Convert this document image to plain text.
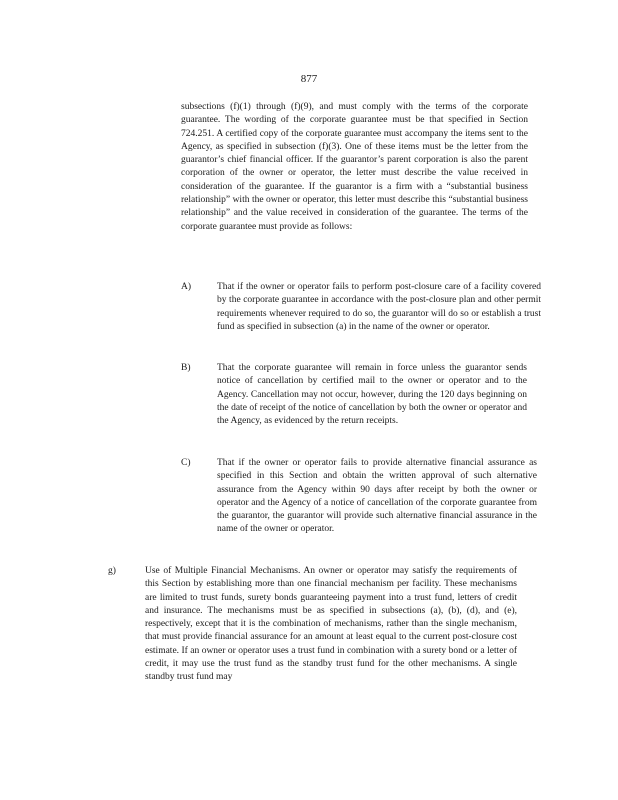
877

subsections (f)(1) through (f)(9), and must comply with the terms of the corporate guarantee. The wording of the corporate guarantee must be that specified in Section 724.251. A certified copy of the corporate guarantee must accompany the items sent to the Agency, as specified in subsection (f)(3). One of these items must be the letter from the guarantor’s chief financial officer. If the guarantor’s parent corporation is also the parent corporation of the owner or operator, the letter must describe the value received in consideration of the guarantee. If the guarantor is a firm with a “substantial business relationship” with the owner or operator, this letter must describe this “substantial business relationship” and the value received in consideration of the guarantee. The terms of the corporate guarantee must provide as follows:

A)	That if the owner or operator fails to perform post-closure care of a facility covered by the corporate guarantee in accordance with the post-closure plan and other permit requirements whenever required to do so, the guarantor will do so or establish a trust fund as specified in subsection (a) in the name of the owner or operator.

B)	That the corporate guarantee will remain in force unless the guarantor sends notice of cancellation by certified mail to the owner or operator and to the Agency. Cancellation may not occur, however, during the 120 days beginning on the date of receipt of the notice of cancellation by both the owner or operator and the Agency, as evidenced by the return receipts.

C)	That if the owner or operator fails to provide alternative financial assurance as specified in this Section and obtain the written approval of such alternative assurance from the Agency within 90 days after receipt by both the owner or operator and the Agency of a notice of cancellation of the corporate guarantee from the guarantor, the guarantor will provide such alternative financial assurance in the name of the owner or operator.

g)	Use of Multiple Financial Mechanisms. An owner or operator may satisfy the requirements of this Section by establishing more than one financial mechanism per facility. These mechanisms are limited to trust funds, surety bonds guaranteeing payment into a trust fund, letters of credit and insurance. The mechanisms must be as specified in subsections (a), (b), (d), and (e), respectively, except that it is the combination of mechanisms, rather than the single mechanism, that must provide financial assurance for an amount at least equal to the current post-closure cost estimate. If an owner or operator uses a trust fund in combination with a surety bond or a letter of credit, it may use the trust fund as the standby trust fund for the other mechanisms. A single standby trust fund may
